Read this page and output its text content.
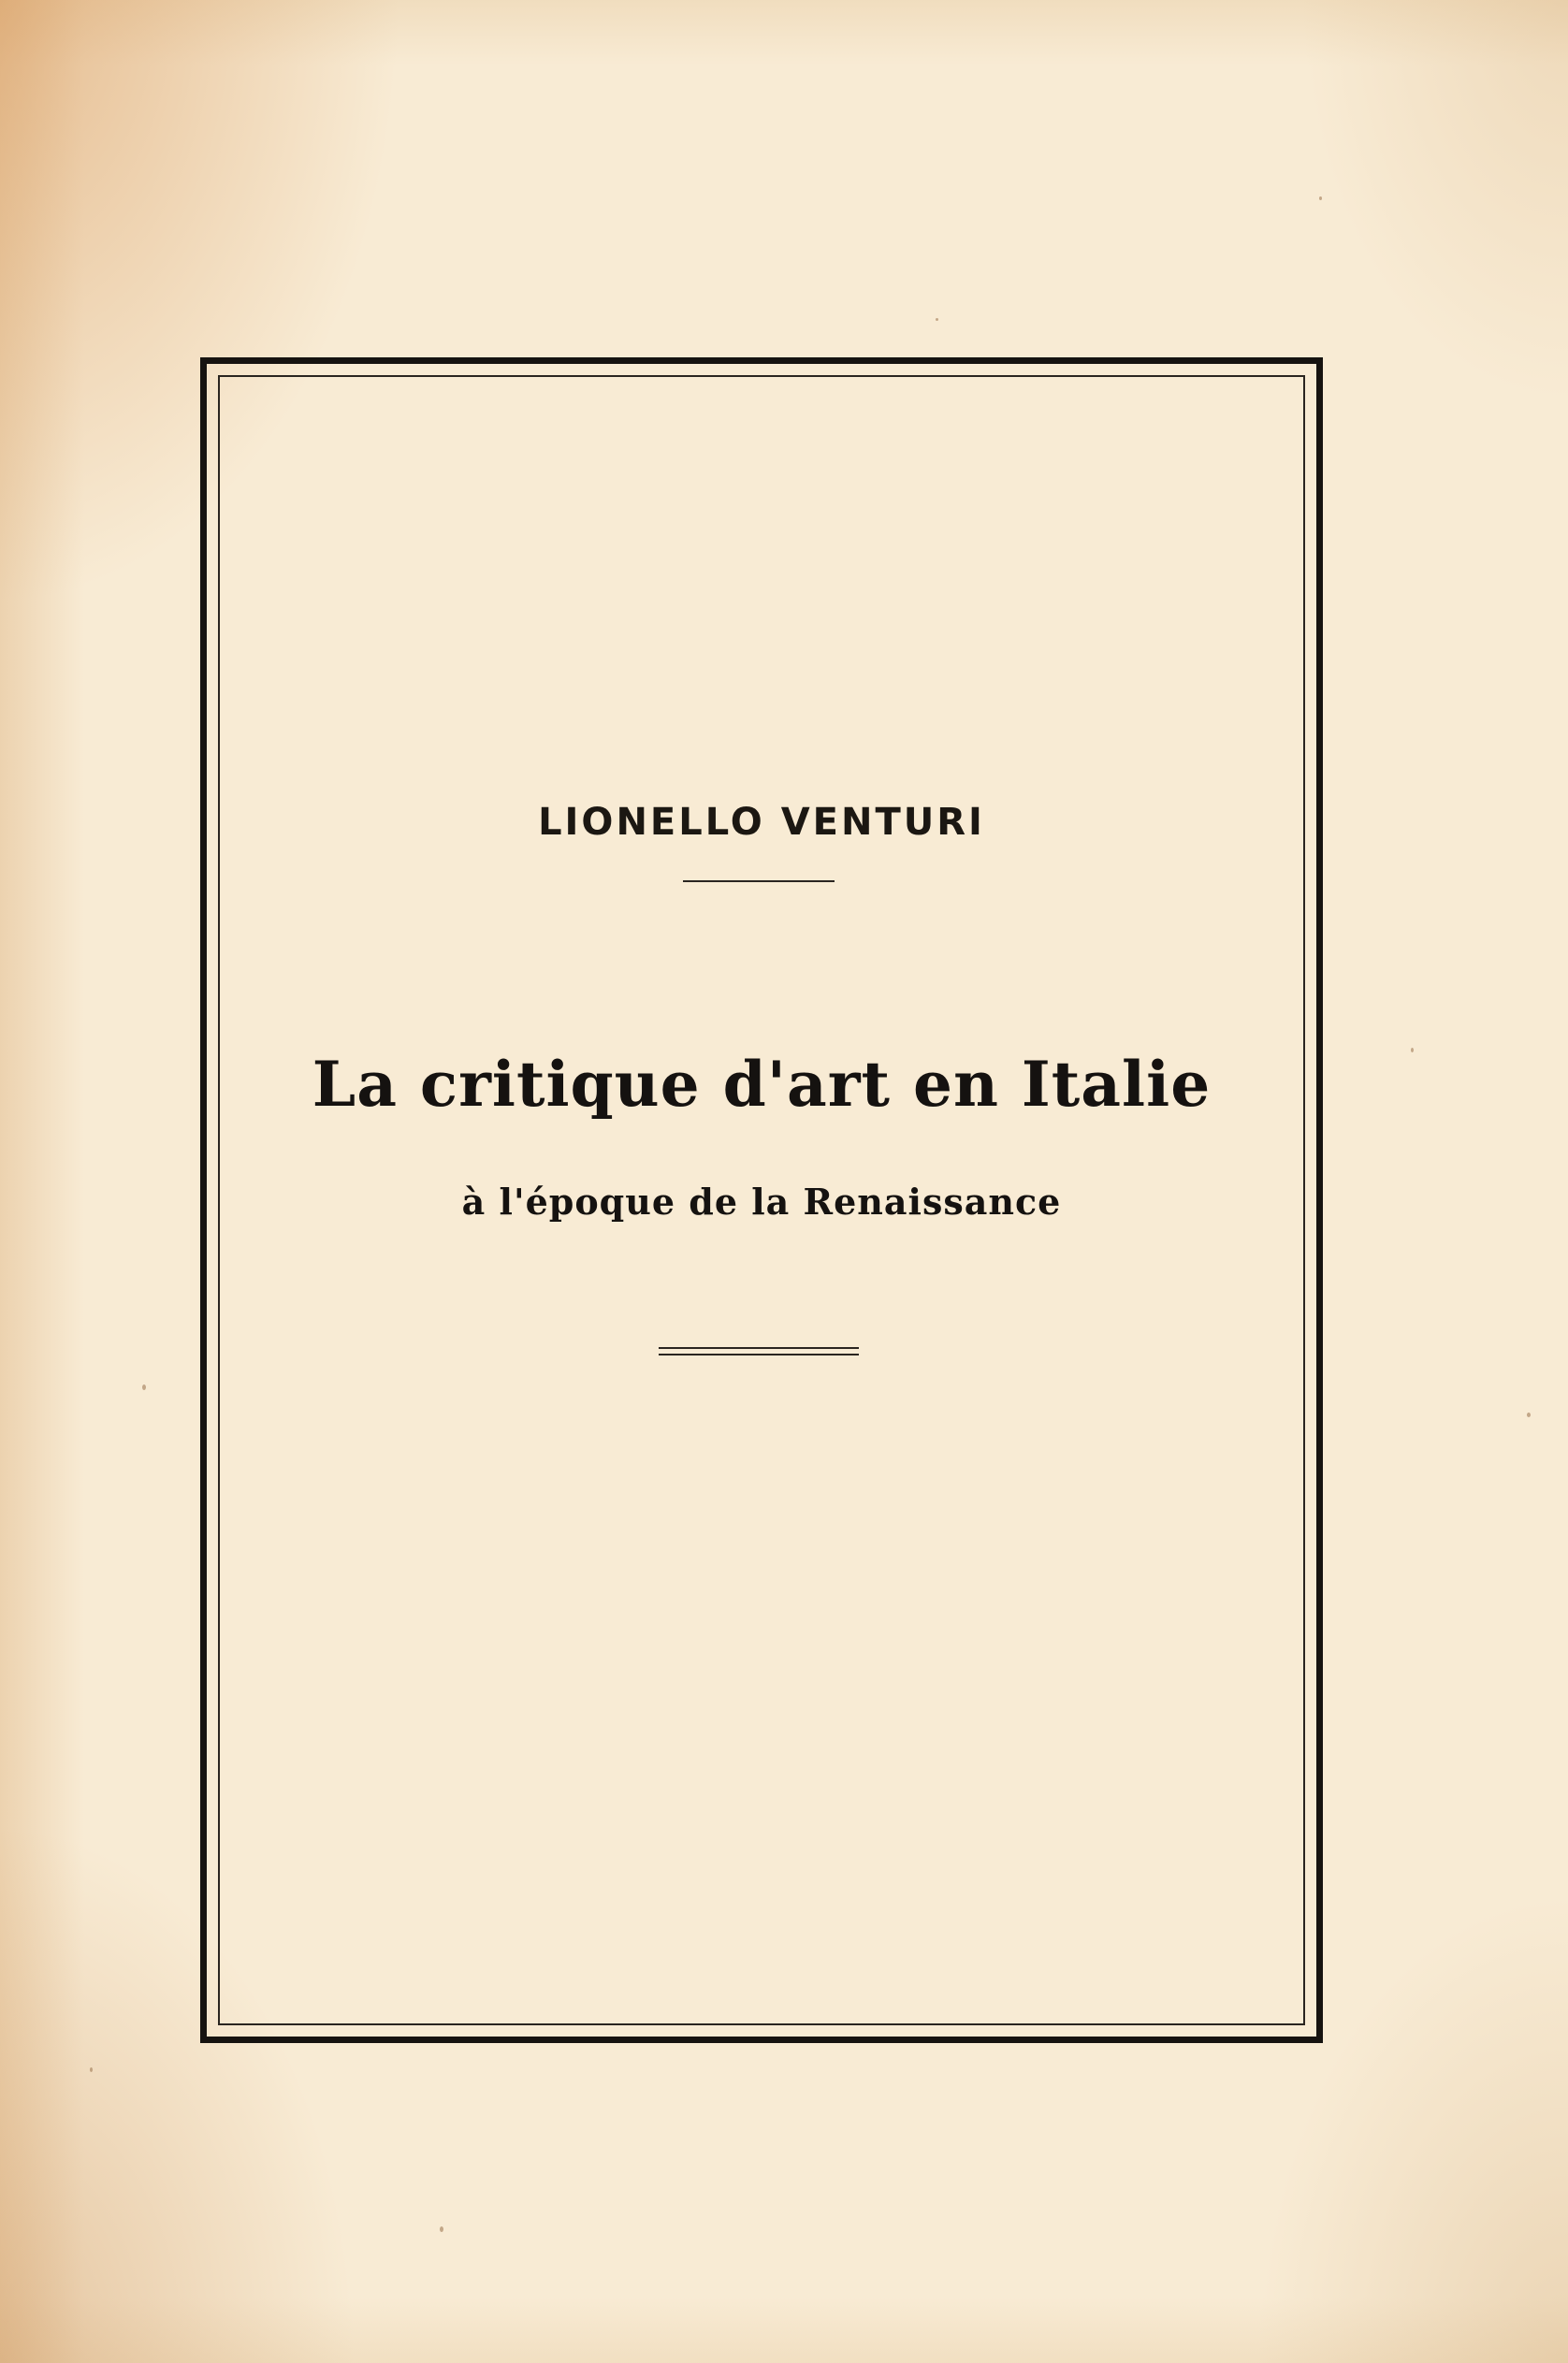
LIONELLO VENTURI
La critique d'art en Italie
à l'époque de la Renaissance
